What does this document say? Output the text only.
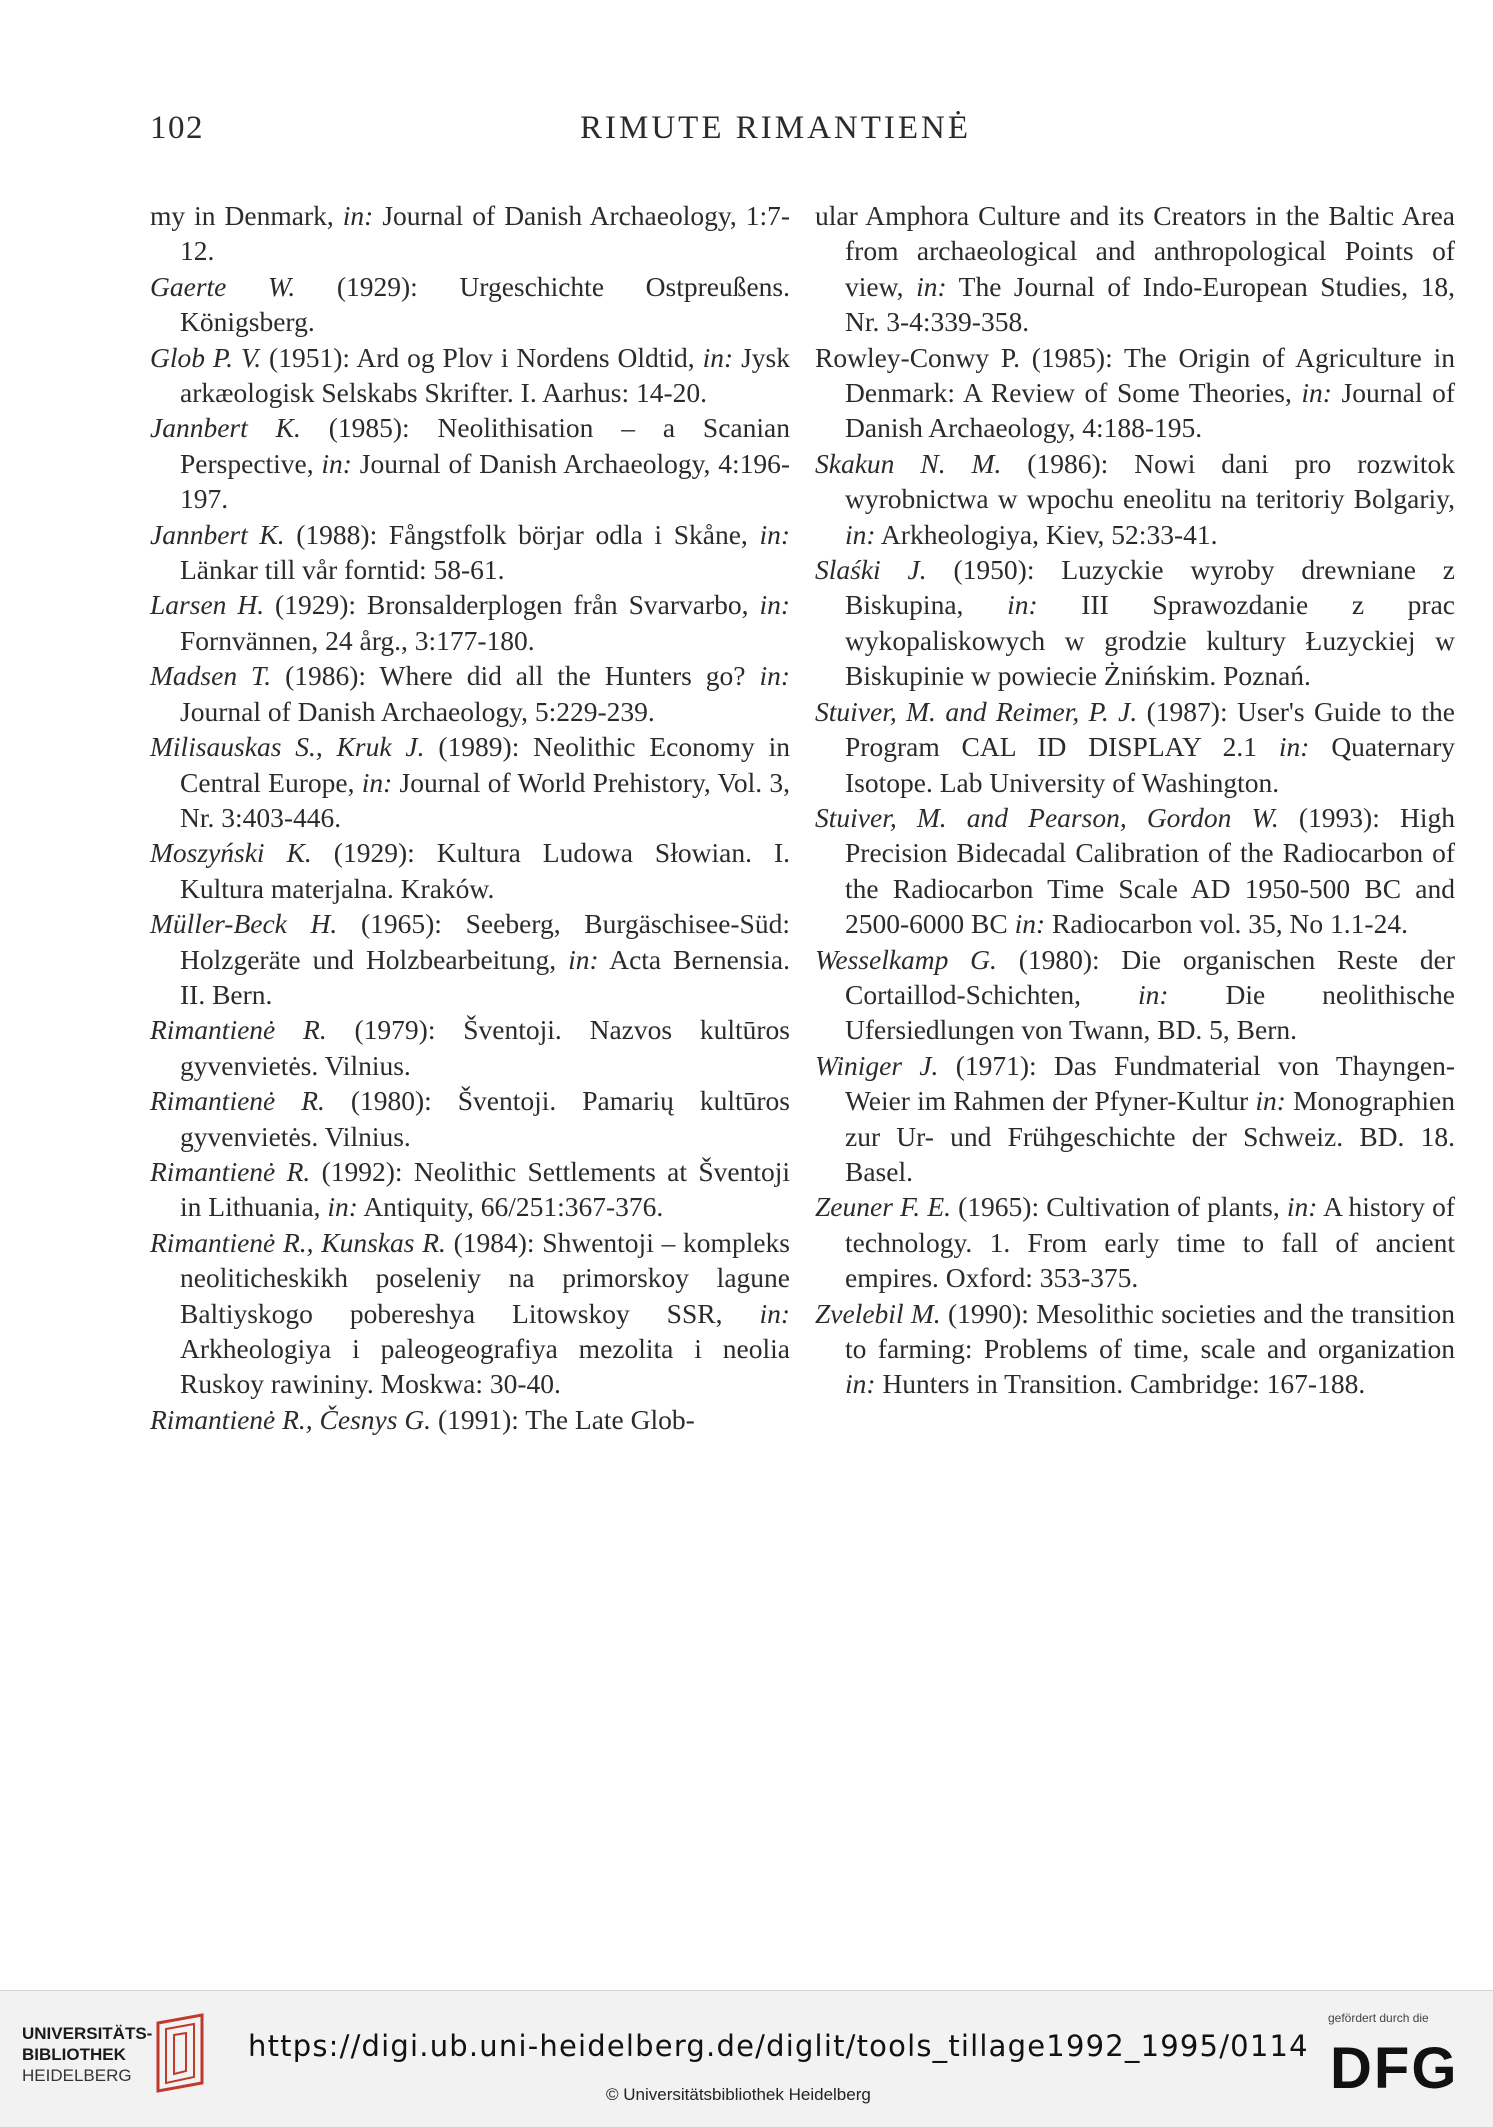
102	RIMUTE RIMANTIENĖ

my in Denmark, in: Journal of Danish Archaeology, 1:7-12.

Gaerte W. (1929): Urgeschichte Ostpreußens. Königsberg.

Glob P. V. (1951): Ard og Plov i Nordens Oldtid, in: Jysk arkæologisk Selskabs Skrifter. I. Aarhus: 14-20.

Jannbert K. (1985): Neolithisation – a Scanian Perspective, in: Journal of Danish Archaeology, 4:196-197.

Jannbert K. (1988): Fångstfolk börjar odla i Skåne, in: Länkar till vår forntid: 58-61.

Larsen H. (1929): Bronsalderplogen från Svarvarbo, in: Fornvännen, 24 årg., 3:177-180.

Madsen T. (1986): Where did all the Hunters go? in: Journal of Danish Archaeology, 5:229-239.

Milisauskas S., Kruk J. (1989): Neolithic Economy in Central Europe, in: Journal of World Prehistory, Vol. 3, Nr. 3:403-446.

Moszyński K. (1929): Kultura Ludowa Słowian. I. Kultura materjalna. Kraków.

Müller-Beck H. (1965): Seeberg, Burgäschisee-Süd: Holzgeräte und Holzbearbeitung, in: Acta Bernensia. II. Bern.

Rimantienė R. (1979): Šventoji. Nazvos kultūros gyvenvietės. Vilnius.

Rimantienė R. (1980): Šventoji. Pamarių kultūros gyvenvietės. Vilnius.

Rimantienė R. (1992): Neolithic Settlements at Šventoji in Lithuania, in: Antiquity, 66/251:367-376.

Rimantienė R., Kunskas R. (1984): Shwentoji – kompleks neoliticheskikh poseleniy na primorskoy lagune Baltiyskogo pobereshya Litowskoy SSR, in: Arkheologiya i paleogeografiya mezolita i neolia Ruskoy rawininy. Moskwa: 30-40.

Rimantienė R., Česnys G. (1991): The Late Glob-

ular Amphora Culture and its Creators in the Baltic Area from archaeological and anthropological Points of view, in: The Journal of Indo-European Studies, 18, Nr. 3-4:339-358.

Rowley-Conwy P. (1985): The Origin of Agriculture in Denmark: A Review of Some Theories, in: Journal of Danish Archaeology, 4:188-195.

Skakun N. M. (1986): Nowi dani pro rozwitok wyrobnictwa w wpochu eneolitu na teritoriy Bolgariy, in: Arkheologiya, Kiev, 52:33-41.

Slaśki J. (1950): Luzyckie wyroby drewniane z Biskupina, in: III Sprawozdanie z prac wykopaliskowych w grodzie kultury Łuzyckiej w Biskupinie w powiecie Żnińskim. Poznań.

Stuiver, M. and Reimer, P. J. (1987): User's Guide to the Program CAL ID DISPLAY 2.1 in: Quaternary Isotope. Lab University of Washington.

Stuiver, M. and Pearson, Gordon W. (1993): High Precision Bidecadal Calibration of the Radiocarbon of the Radiocarbon Time Scale AD 1950-500 BC and 2500-6000 BC in: Radiocarbon vol. 35, No 1.1-24.

Wesselkamp G. (1980): Die organischen Reste der Cortaillod-Schichten, in: Die neolithische Ufersiedlungen von Twann, BD. 5, Bern.

Winiger J. (1971): Das Fundmaterial von Thayngen-Weier im Rahmen der Pfyner-Kultur in: Monographien zur Ur- und Frühgeschichte der Schweiz. BD. 18. Basel.

Zeuner F. E. (1965): Cultivation of plants, in: A history of technology. 1. From early time to fall of ancient empires. Oxford: 353-375.

Zvelebil M. (1990): Mesolithic societies and the transition to farming: Problems of time, scale and organization in: Hunters in Transition. Cambridge: 167-188.

UNIVERSITÄTS-
BIBLIOTHEK
HEIDELBERG
https://digi.ub.uni-heidelberg.de/diglit/tools_tillage1992_1995/0114
© Universitätsbibliothek Heidelberg
gefördert durch die
DFG
